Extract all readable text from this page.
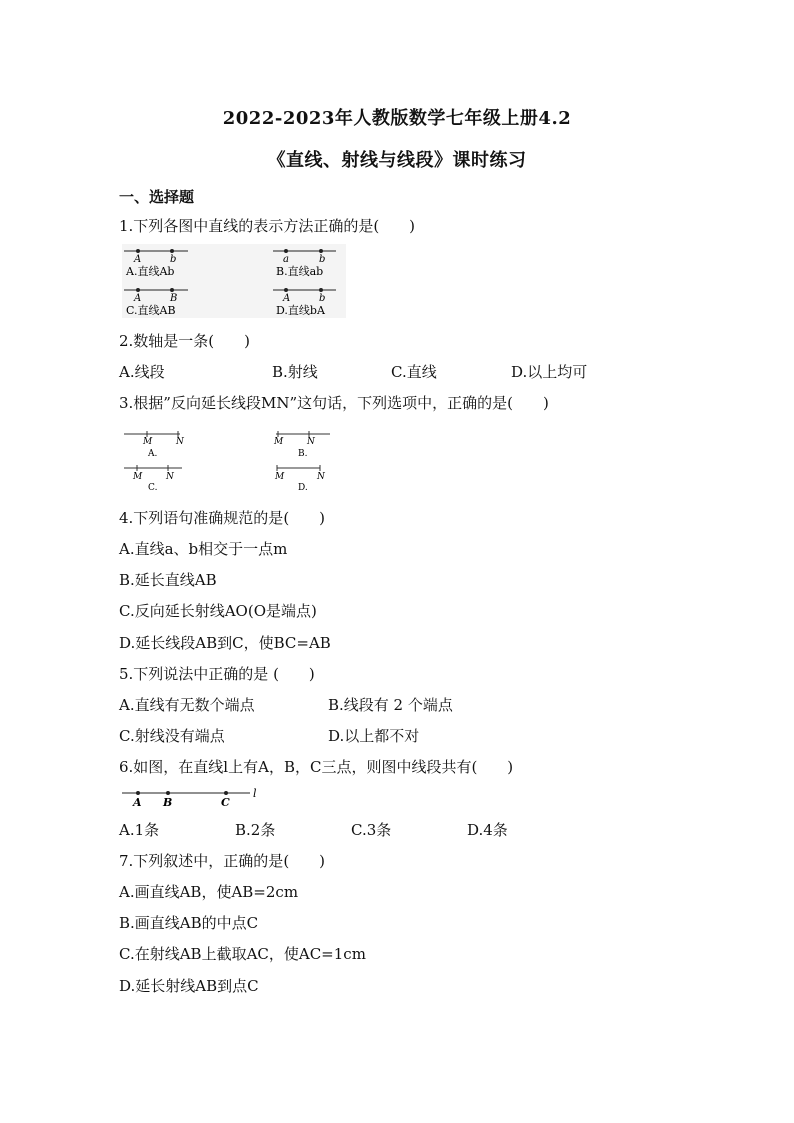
2022-2023年人教版数学七年级上册4.2
《直线、射线与线段》课时练习
一、选择题
1.下列各图中直线的表示方法正确的是(　　)
A	b
A.直线Ab
a	b
B.直线ab
A	B
C.直线AB
A	b
D.直线bA
2.数轴是一条(　　)
A.线段	B.射线	C.直线	D.以上均可
3.根据”反向延长线段MN”这句话，下列选项中，正确的是(　　)
M	N
A.
M	N
B.
M	N
C.
M	N
D.
4.下列语句准确规范的是(　　)
A.直线a、b相交于一点m
B.延长直线AB
C.反向延长射线AO(O是端点)
D.延长线段AB到C，使BC=AB
5.下列说法中正确的是 (　　)
A.直线有无数个端点	B.线段有 2 个端点
C.射线没有端点	D.以上都不对
6.如图，在直线l上有A，B，C三点，则图中线段共有(　　)
A B	C
l
A.1条	B.2条	C.3条	D.4条
7.下列叙述中，正确的是(　　)
A.画直线AB，使AB=2cm
B.画直线AB的中点C
C.在射线AB上截取AC，使AC=1cm
D.延长射线AB到点C
